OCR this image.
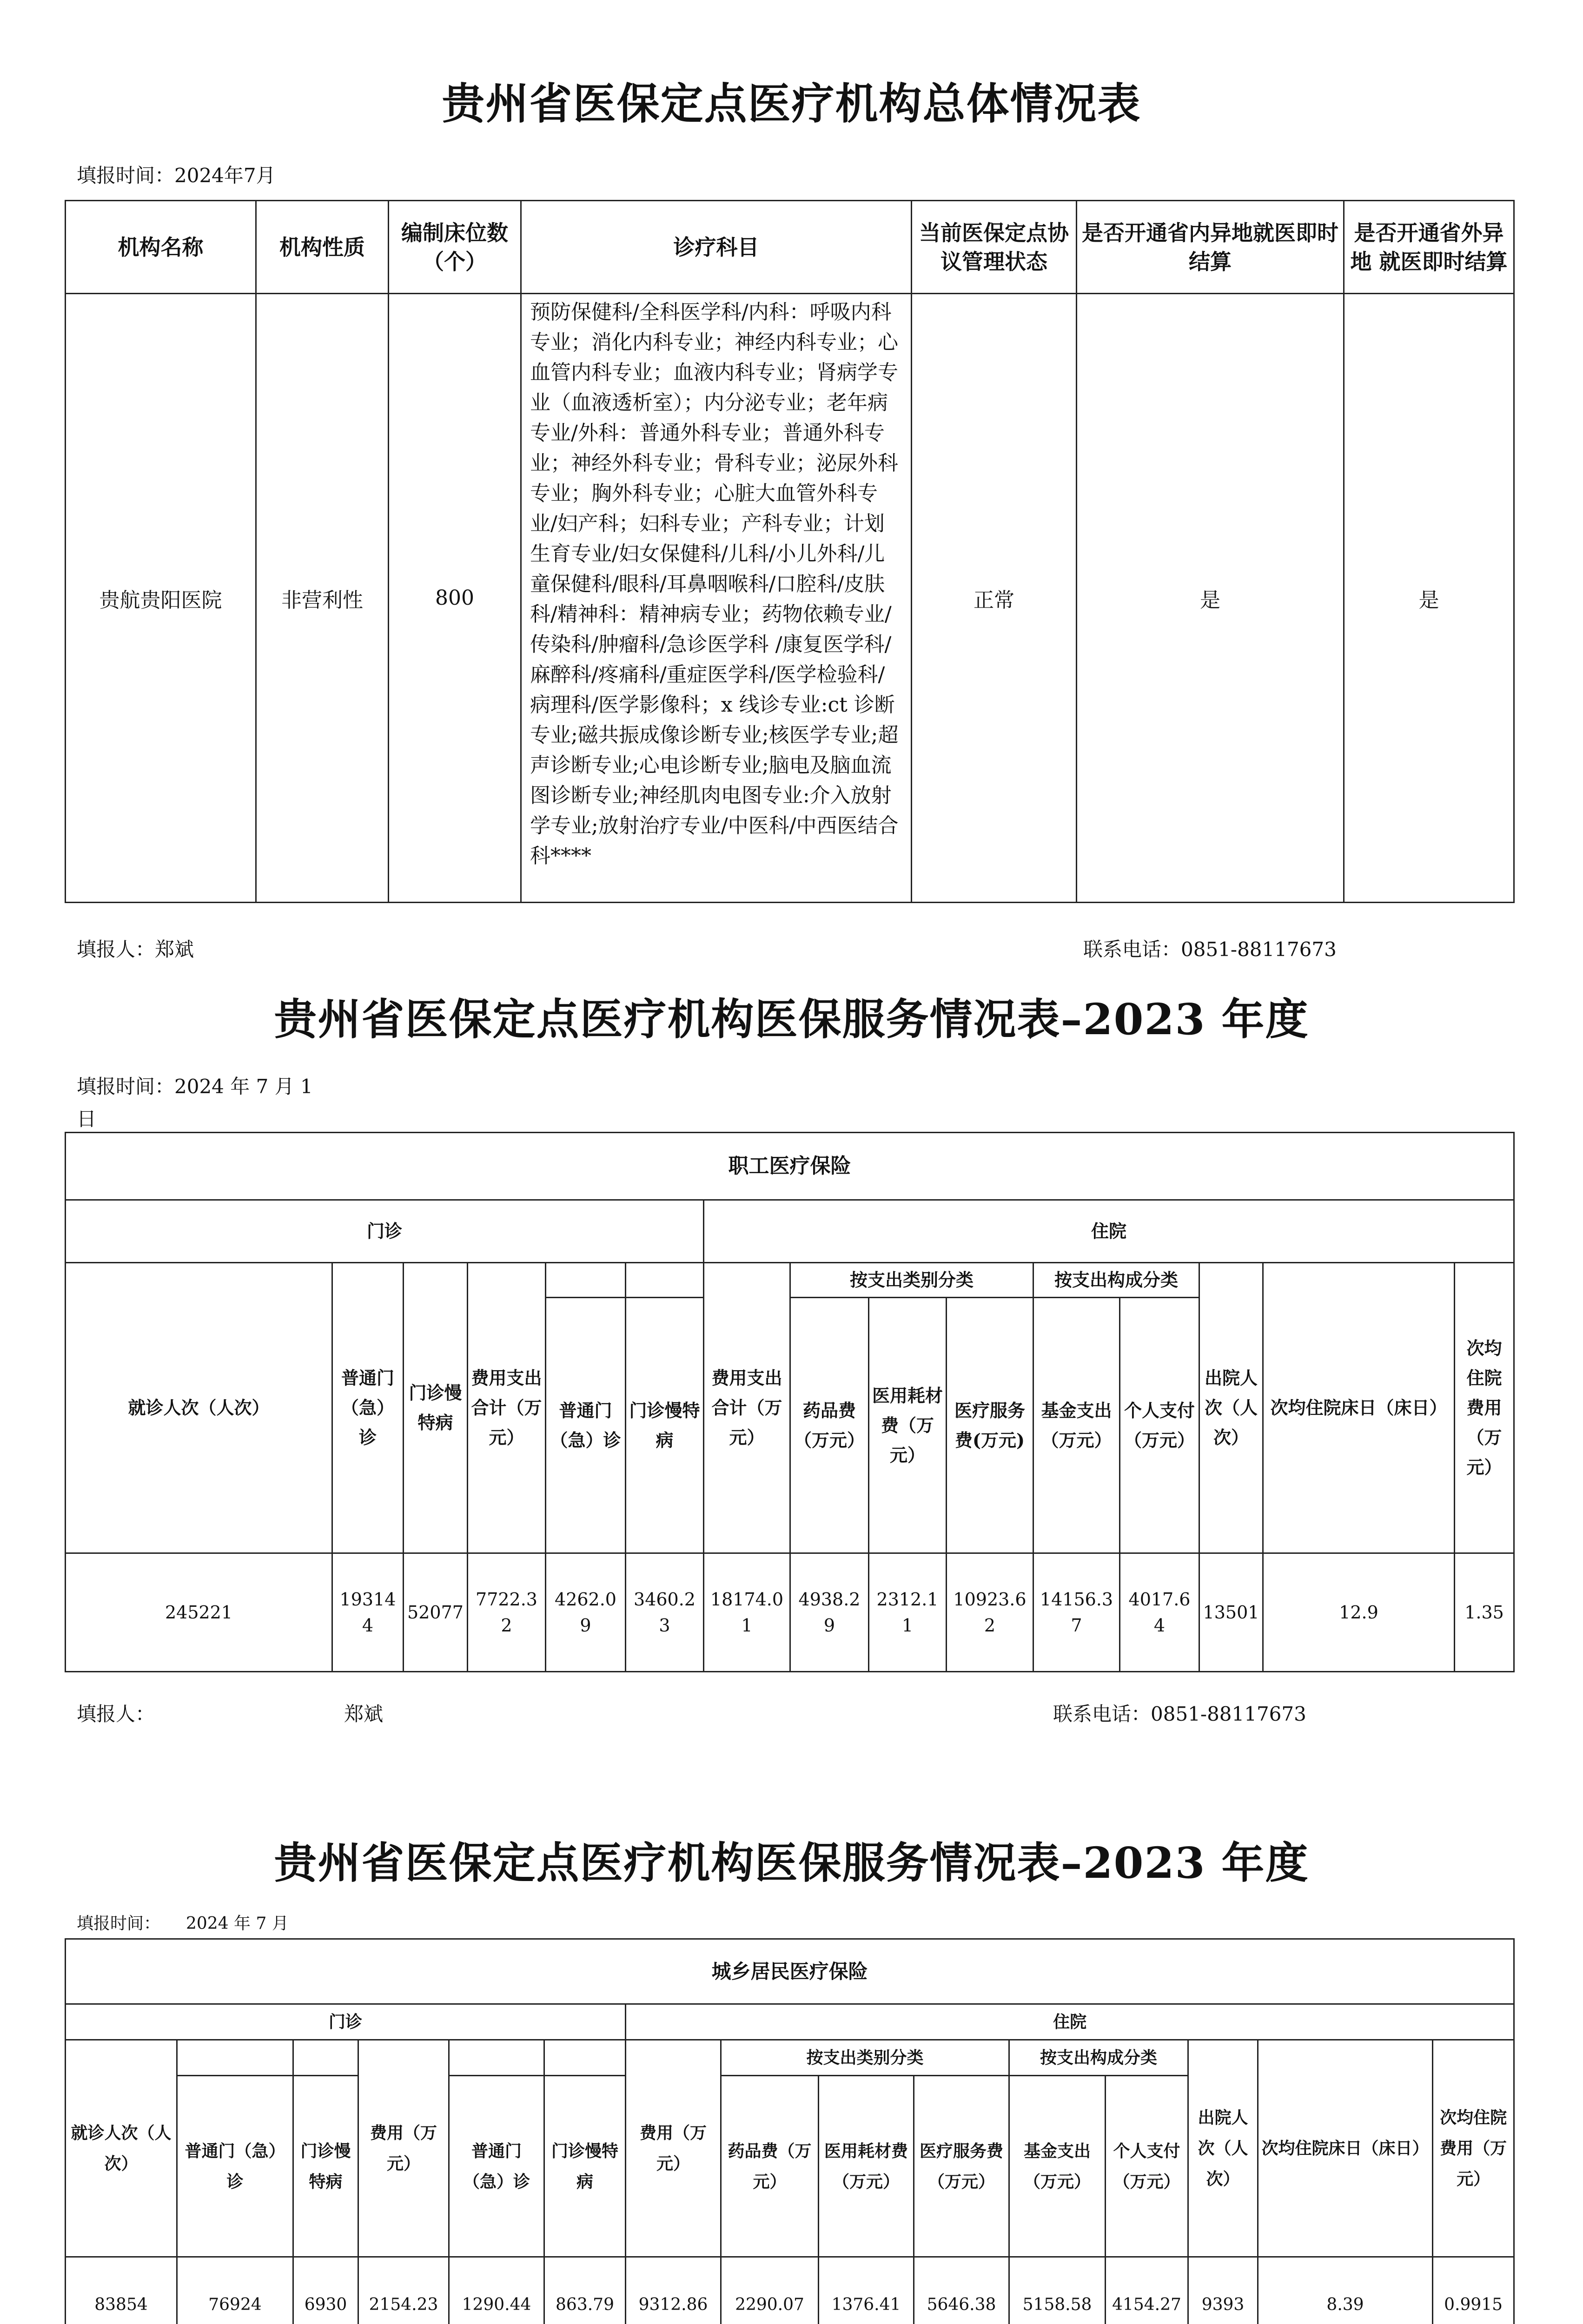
贵州省医保定点医疗机构总体情况表
填报时间：2024年7月
机构名称	机构性质	编制床位数（个）	诊疗科目	当前医保定点协议管理状态	是否开通省内异地就医即时结算	是否开通省外异地 就医即时结算
贵航贵阳医院	非营利性	800	预防保健科/全科医学科/内科：呼吸内科专业；消化内科专业；神经内科专业；心血管内科专业；血液内科专业；肾病学专业（血液透析室）；内分泌专业；老年病专业/外科：普通外科专业；普通外科专业；神经外科专业；骨科专业；泌尿外科专业；胸外科专业；心脏大血管外科专业/妇产科；妇科专业；产科专业；计划生育专业/妇女保健科/儿科/小儿外科/儿童保健科/眼科/耳鼻咽喉科/口腔科/皮肤科/精神科：精神病专业；药物依赖专业/传染科/肿瘤科/急诊医学科 /康复医学科/麻醉科/疼痛科/重症医学科/医学检验科/病理科/医学影像科；x 线诊专业:ct 诊断专业;磁共振成像诊断专业;核医学专业;超声诊断专业;心电诊断专业;脑电及脑血流图诊断专业;神经肌肉电图专业:介入放射学专业;放射治疗专业/中医科/中西医结合科****	正常	是	是
填报人：郑斌	联系电话：0851-88117673
贵州省医保定点医疗机构医保服务情况表–2023 年度
填报时间：2024 年 7 月 1
日
职工医疗保险														
门诊						住院								
就诊人次（人次）	普通门（急）诊	门诊慢特病	费用支出合计（万元）			费用支出合计（万元）	按支出类别分类			按支出构成分类		出院人次（人次）	次均住院床日（床日）	次均住院费用（万元）
				普通门（急）诊	门诊慢特病		药品费（万元）	医用耗材费（万元）	医疗服务费(万元)	基金支出（万元）	个人支付（万元）			
245221	193144	52077	7722.32	4262.09	3460.23	18174.01	4938.29	2312.11	10923.62	14156.37	4017.64	13501	12.9	1.35
填报人：	郑斌	联系电话：0851-88117673
贵州省医保定点医疗机构医保服务情况表–2023 年度
填报时间： 2024 年 7 月
城乡居民医疗保险														
门诊						住院								
就诊人次（人次）			费用（万元）			费用（万元）	按支出类别分类			按支出构成分类		出院人次（人次）	次均住院床日（床日）	次均住院 费用（万元）
	普通门（急）诊	门诊慢特病		普通门（急）诊	门诊慢特病		药品费（万元）	医用耗材费（万元）	医疗服务费（万元）	基金支出（万元）	个人支付（万元）			
83854	76924	6930	2154.23	1290.44	863.79	9312.86	2290.07	1376.41	5646.38	5158.58	4154.27	9393	8.39	0.9915
